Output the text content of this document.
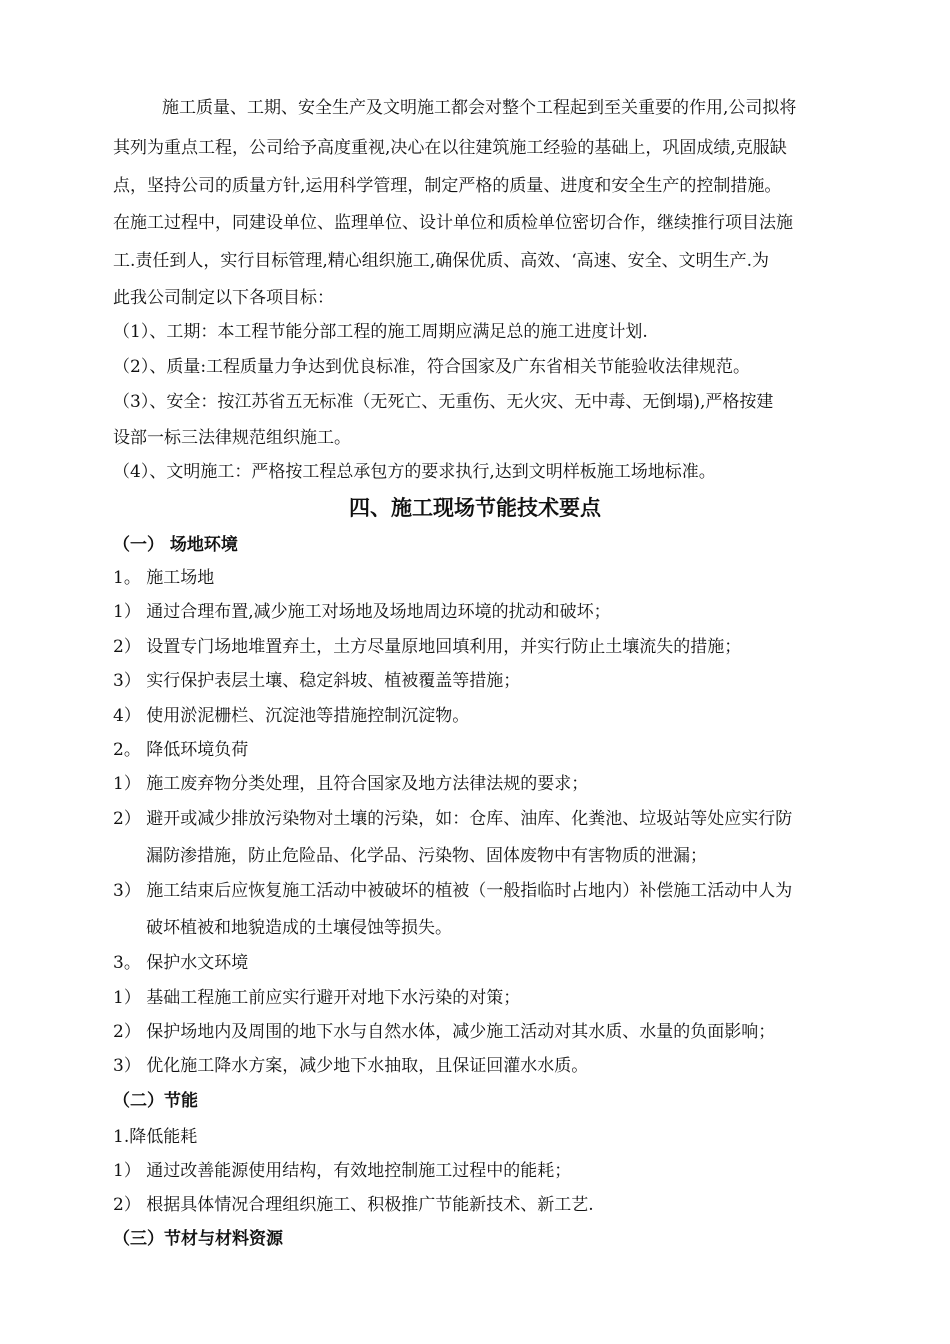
施工质量、工期、安全生产及文明施工都会对整个工程起到至关重要的作用,公司拟将
其列为重点工程，公司给予高度重视,决心在以往建筑施工经验的基础上，巩固成绩,克服缺
点，坚持公司的质量方针,运用科学管理，制定严格的质量、进度和安全生产的控制措施。
在施工过程中，同建设单位、监理单位、设计单位和质检单位密切合作，继续推行项目法施
工.责任到人，实行目标管理,精心组织施工,确保优质、高效、‘高速、安全、文明生产.为
此我公司制定以下各项目标：
（1）、工期：本工程节能分部工程的施工周期应满足总的施工进度计划.
（2）、质量:工程质量力争达到优良标准，符合国家及广东省相关节能验收法律规范。
（3）、安全：按江苏省五无标准（无死亡、无重伤、无火灾、无中毒、无倒塌),严格按建
设部一标三法律规范组织施工。
（4）、文明施工：严格按工程总承包方的要求执行,达到文明样板施工场地标准。
四、施工现场节能技术要点
（一） 场地环境
1。 施工场地
1） 通过合理布置,减少施工对场地及场地周边环境的扰动和破坏；
2） 设置专门场地堆置弃土，土方尽量原地回填利用，并实行防止土壤流失的措施；
3） 实行保护表层土壤、稳定斜坡、植被覆盖等措施；
4） 使用淤泥栅栏、沉淀池等措施控制沉淀物。
2。 降低环境负荷
1） 施工废弃物分类处理，且符合国家及地方法律法规的要求；
2） 避开或减少排放污染物对土壤的污染，如：仓库、油库、化粪池、垃圾站等处应实行防
漏防渗措施，防止危险品、化学品、污染物、固体废物中有害物质的泄漏；
3） 施工结束后应恢复施工活动中被破坏的植被（一般指临时占地内）补偿施工活动中人为
破坏植被和地貌造成的土壤侵蚀等损失。
3。 保护水文环境
1） 基础工程施工前应实行避开对地下水污染的对策；
2） 保护场地内及周围的地下水与自然水体，减少施工活动对其水质、水量的负面影响；
3） 优化施工降水方案，减少地下水抽取，且保证回灌水水质。
（二）节能
1.降低能耗
1） 通过改善能源使用结构，有效地控制施工过程中的能耗；
2） 根据具体情况合理组织施工、积极推广节能新技术、新工艺.
（三）节材与材料资源
